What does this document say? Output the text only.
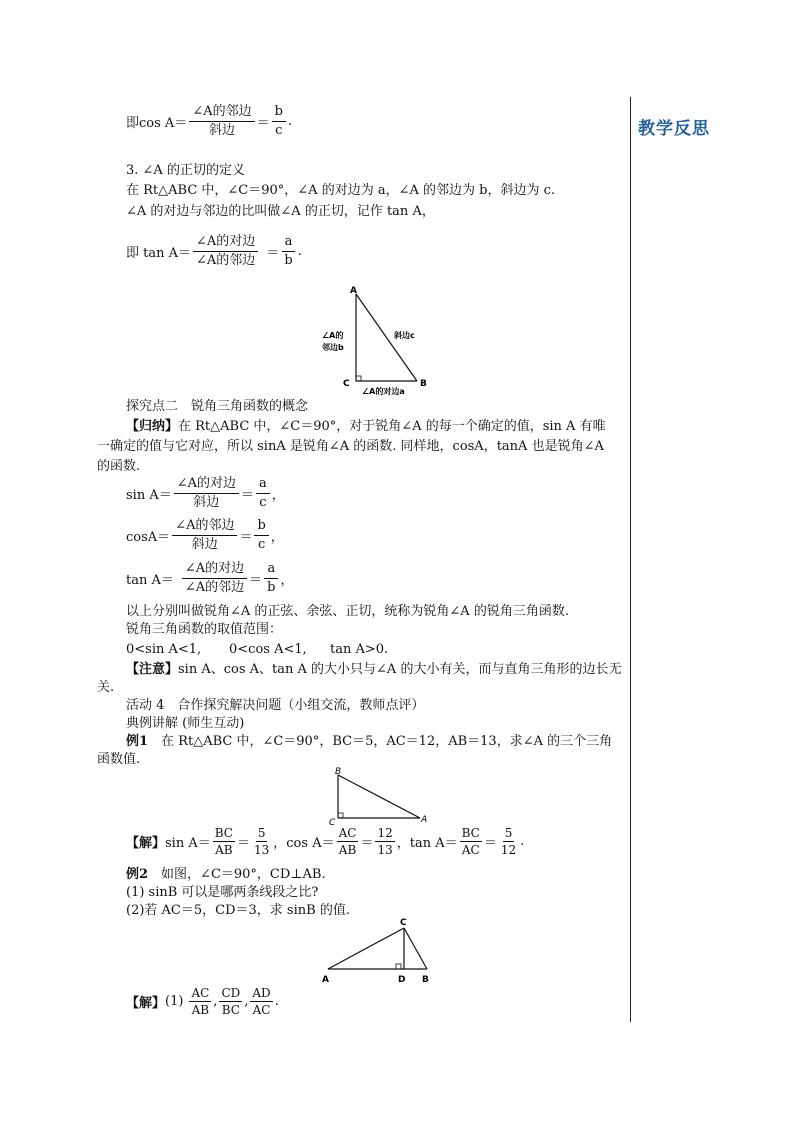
教学反思
即$\cos A= \frac{\text{∠A的邻边}}{\text{斜边}} = \frac{b}{c}$ .
3. ∠A 的正切的定义
在 Rt△ABC 中，∠C＝90°，∠A 的对边为 a，∠A 的邻边为 b，斜边为 c.
∠A 的对边与邻边的比叫做∠A 的正切，记作 tan A，
即 $\tan A= \frac{\text{∠A的对边}}{\text{∠A的邻边}} = \frac{a}{b}$ .
A
C	B
∠A的
邻边b
斜边c
∠A的对边a
探究点二　锐角三角函数的概念
【归纳】在 Rt△ABC 中，∠C＝90°，对于锐角∠A 的每一个确定的值，sin A 有唯
一确定的值与它对应，所以 sinA 是锐角∠A 的函数. 同样地，cosA，tanA 也是锐角∠A
的函数.
$\sin A= \frac{\text{∠A的对边}}{\text{斜边}} = \frac{a}{c}$ ，
$\cos A= \frac{\text{∠A的邻边}}{\text{斜边}} = \frac{b}{c}$ ，
$\tan A= \frac{\text{∠A的对边}}{\text{∠A的邻边}} = \frac{a}{b}$ ，
以上分别叫做锐角∠A 的正弦、余弦、正切，统称为锐角∠A 的锐角三角函数.
锐角三角函数的取值范围：
0<sin A<1, 0<cos A<1, tan A>0.
【注意】sin A、cos A、tan A 的大小只与∠A 的大小有关，而与直角三角形的边长无
关.
活动 4　合作探究解决问题（小组交流，教师点评）
典例讲解 (师生互动)
例1　在 Rt△ABC 中，∠C＝90°，BC＝5，AC＝12，AB＝13，求∠A 的三个三角
函数值.
B
C	A
【解】 $\sin A= \frac{BC}{AB} = \frac{5}{13}$ ，$\cos A= \frac{AC}{AB} = \frac{12}{13}$ ，$\tan A= \frac{BC}{AC} = \frac{5}{12}$ .
例2　如图，∠C＝90°，CD⊥AB.
(1) sinB 可以是哪两条线段之比?
(2)若 AC＝5，CD＝3，求 sinB 的值.
C
A	D B
【解】 $(1) \frac{AC}{AB}$ , $\frac{CD}{BC}$ , $\frac{AD}{AC}$ .
